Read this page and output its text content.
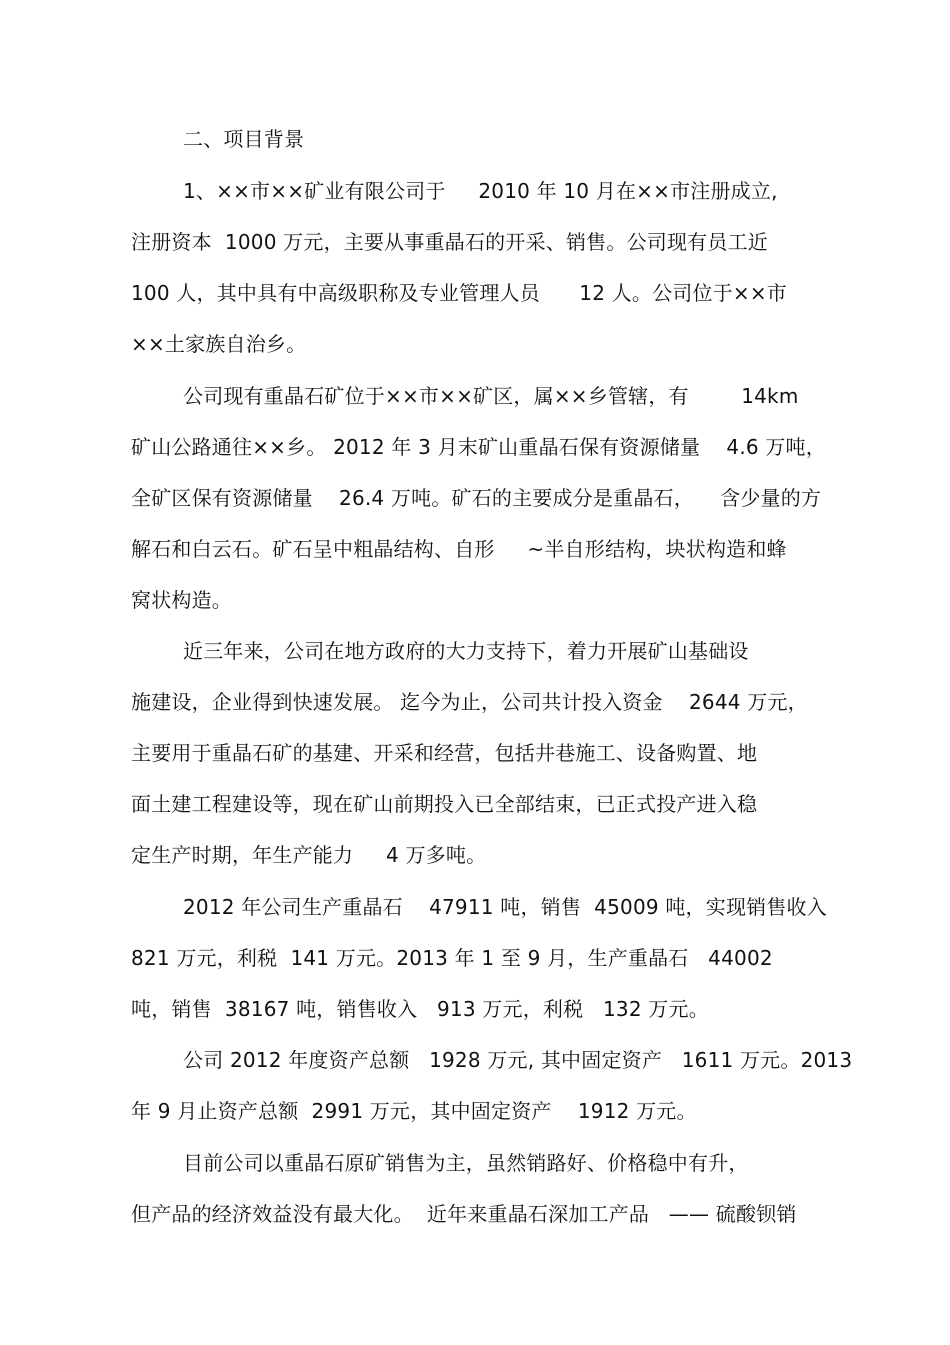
二、项目背景
1、××市××矿业有限公司于     2010 年 10 月在××市注册成立,
注册资本  1000 万元，主要从事重晶石的开采、销售。公司现有员工近
100 人，其中具有中高级职称及专业管理人员      12 人。公司位于××市
××土家族自治乡。
公司现有重晶石矿位于××市××矿区，属××乡管辖，有        14km
矿山公路通往××乡。 2012 年 3 月末矿山重晶石保有资源储量    4.6 万吨，
全矿区保有资源储量    26.4 万吨。矿石的主要成分是重晶石，    含少量的方
解石和白云石。矿石呈中粗晶结构、自形     ~半自形结构，块状构造和蜂
窝状构造。
近三年来，公司在地方政府的大力支持下，着力开展矿山基础设
施建设，企业得到快速发展。 迄今为止，公司共计投入资金    2644 万元，
主要用于重晶石矿的基建、开采和经营，包括井巷施工、设备购置、地
面土建工程建设等，现在矿山前期投入已全部结束，已正式投产进入稳
定生产时期，年生产能力     4 万多吨。
2012 年公司生产重晶石    47911 吨，销售  45009 吨，实现销售收入
821 万元，利税  141 万元。2013 年 1 至 9 月，生产重晶石   44002
吨，销售  38167 吨，销售收入   913 万元，利税   132 万元。
公司 2012 年度资产总额   1928 万元, 其中固定资产   1611 万元。2013
年 9 月止资产总额  2991 万元，其中固定资产    1912 万元。
目前公司以重晶石原矿销售为主，虽然销路好、价格稳中有升，
但产品的经济效益没有最大化。  近年来重晶石深加工产品   —— 硫酸钡销
